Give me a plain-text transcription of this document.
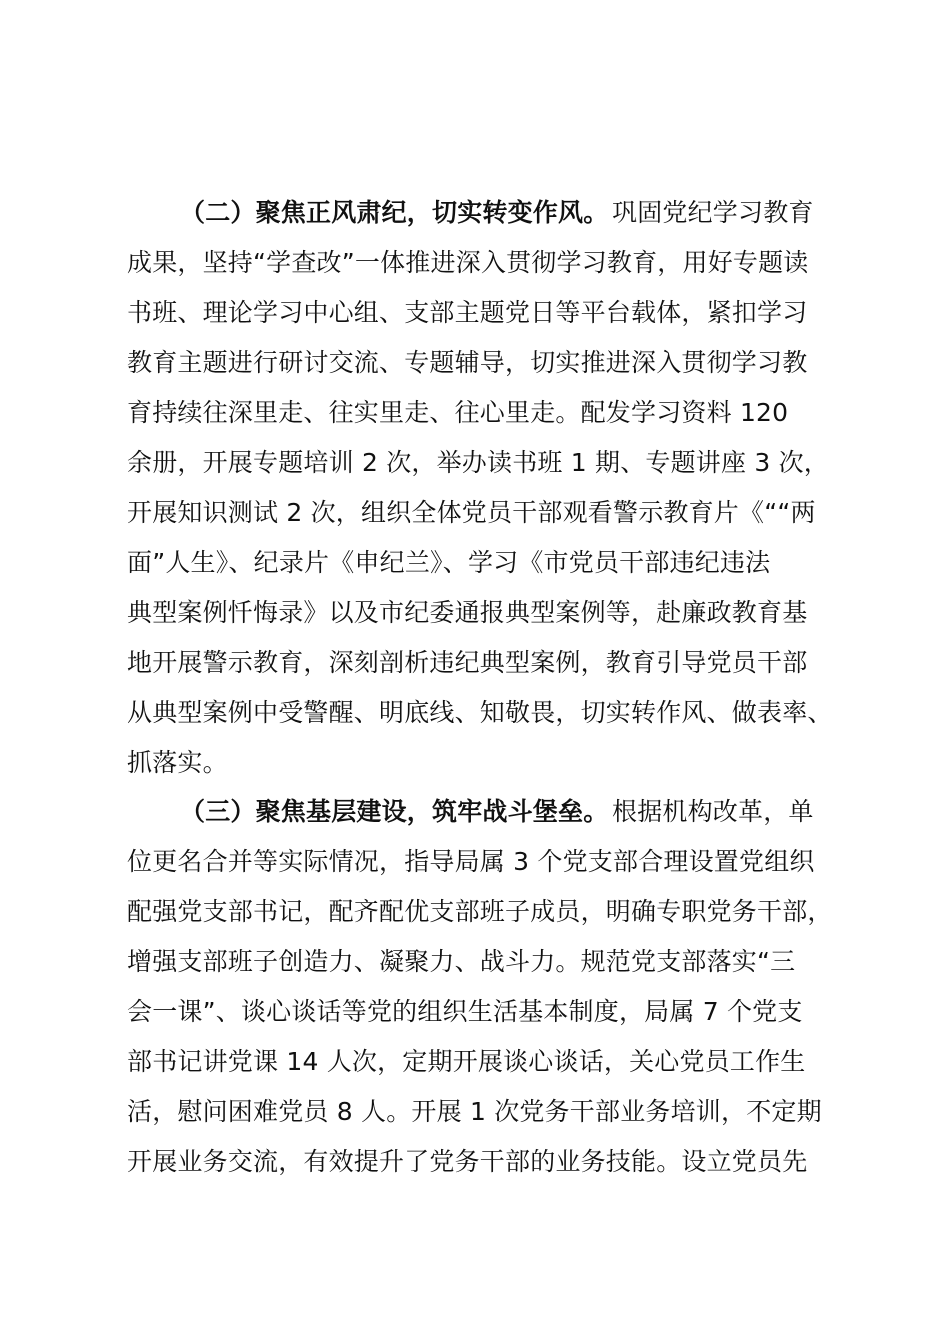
（二）聚焦正风肃纪，切实转变作风。

巩固党纪学习教育

成果，坚持“学查改”一体推进深入贯彻学习教育，用好专题读
书班、理论学习中心组、支部主题党日等平台载体，紧扣学习
教育主题进行研讨交流、专题辅导，切实推进深入贯彻学习教
育持续往深里走、往实里走、往心里走。配发学习资料 120
余册，开展专题培训 2 次，举办读书班 1 期、专题讲座 3 次，
开展知识测试 2 次，组织全体党员干部观看警示教育片《““两
面”人生》、纪录片《申纪兰》、学习《市党员干部违纪违法
典型案例忏悔录》以及市纪委通报典型案例等，赴廉政教育基
地开展警示教育，深刻剖析违纪典型案例，教育引导党员干部
从典型案例中受警醒、明底线、知敬畏，切实转作风、做表率、
抓落实。

（三）聚焦基层建设，筑牢战斗堡垒。

根据机构改革，单

位更名合并等实际情况，指导局属 3 个党支部合理设置党组织
配强党支部书记，配齐配优支部班子成员，明确专职党务干部，
增强支部班子创造力、凝聚力、战斗力。规范党支部落实“三
会一课”、谈心谈话等党的组织生活基本制度，局属 7 个党支
部书记讲党课 14 人次，定期开展谈心谈话，关心党员工作生
活，慰问困难党员 8 人。开展 1 次党务干部业务培训，不定期
开展业务交流，有效提升了党务干部的业务技能。设立党员先
